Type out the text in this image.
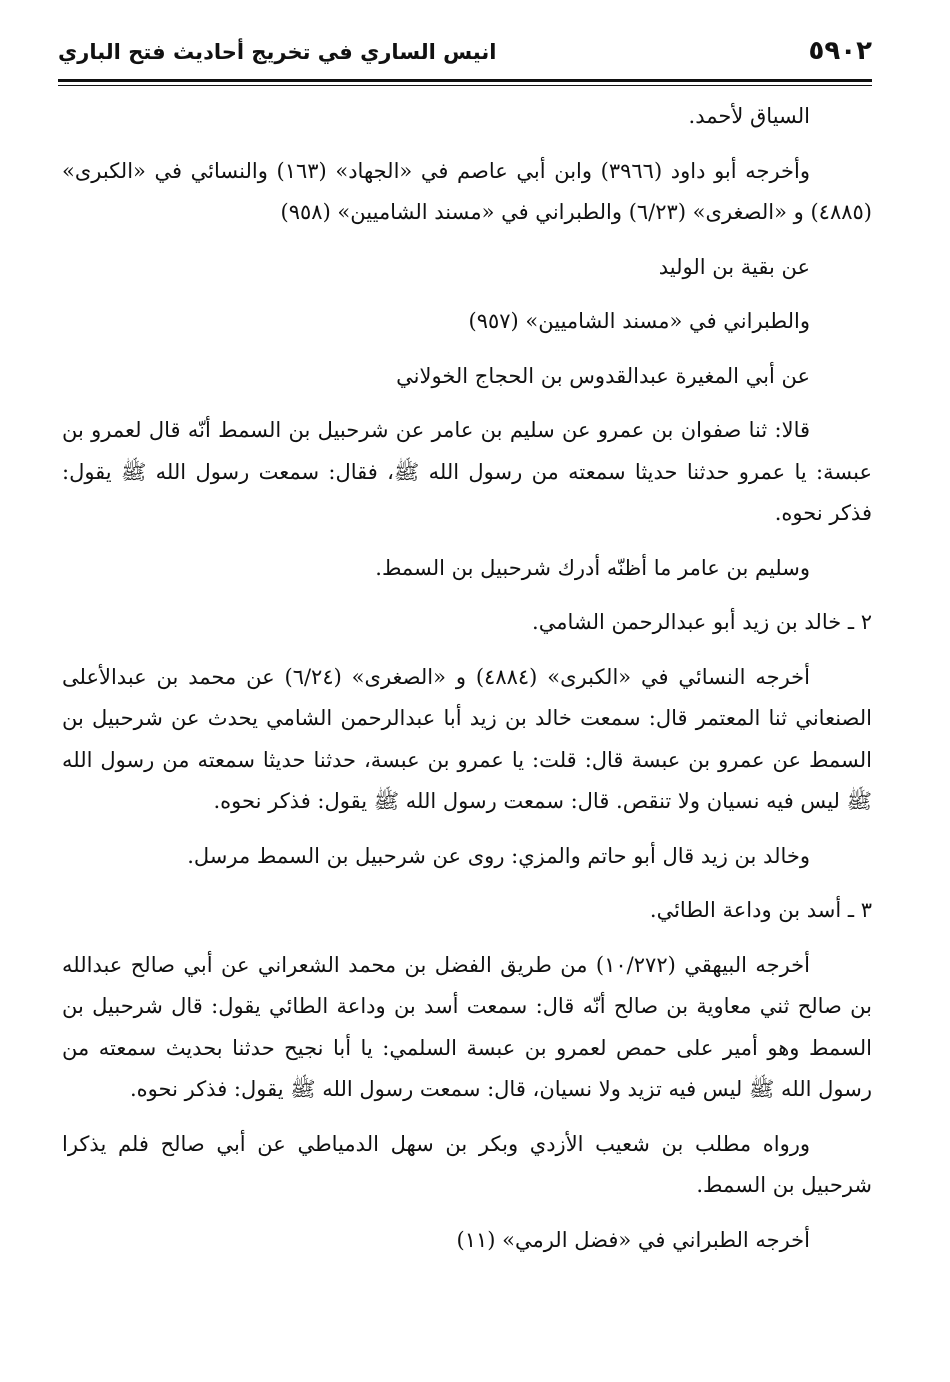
٥٩٠٢
انيس الساري في تخريج أحاديث فتح الباري

السياق لأحمد.

وأخرجه أبو داود (٣٩٦٦) وابن أبي عاصم في «الجهاد» (١٦٣) والنسائي في «الكبرى» (٤٨٨٥) و «الصغرى» (٦/٢٣) والطبراني في «مسند الشاميين» (٩٥٨)

عن بقية بن الوليد

والطبراني في «مسند الشاميين» (٩٥٧)

عن أبي المغيرة عبدالقدوس بن الحجاج الخولاني

قالا: ثنا صفوان بن عمرو عن سليم بن عامر عن شرحبيل بن السمط أنّه قال لعمرو بن عبسة: يا عمرو حدثنا حديثا سمعته من رسول الله ﷺ، فقال: سمعت رسول الله ﷺ يقول: فذكر نحوه.

وسليم بن عامر ما أظنّه أدرك شرحبيل بن السمط.

٢ ـ خالد بن زيد أبو عبدالرحمن الشامي.

أخرجه النسائي في «الكبرى» (٤٨٨٤) و «الصغرى» (٦/٢٤) عن محمد بن عبدالأعلى الصنعاني ثنا المعتمر قال: سمعت خالد بن زيد أبا عبدالرحمن الشامي يحدث عن شرحبيل بن السمط عن عمرو بن عبسة قال: قلت: يا عمرو بن عبسة، حدثنا حديثا سمعته من رسول الله ﷺ ليس فيه نسيان ولا تنقص. قال: سمعت رسول الله ﷺ يقول: فذكر نحوه.

وخالد بن زيد قال أبو حاتم والمزي: روى عن شرحبيل بن السمط مرسل.

٣ ـ أسد بن وداعة الطائي.

أخرجه البيهقي (١٠/٢٧٢) من طريق الفضل بن محمد الشعراني عن أبي صالح عبدالله بن صالح ثني معاوية بن صالح أنّه قال: سمعت أسد بن وداعة الطائي يقول: قال شرحبيل بن السمط وهو أمير على حمص لعمرو بن عبسة السلمي: يا أبا نجيح حدثنا بحديث سمعته من رسول الله ﷺ ليس فيه تزيد ولا نسيان، قال: سمعت رسول الله ﷺ يقول: فذكر نحوه.

ورواه مطلب بن شعيب الأزدي وبكر بن سهل الدمياطي عن أبي صالح فلم يذكرا شرحبيل بن السمط.

أخرجه الطبراني في «فضل الرمي» (١١)
